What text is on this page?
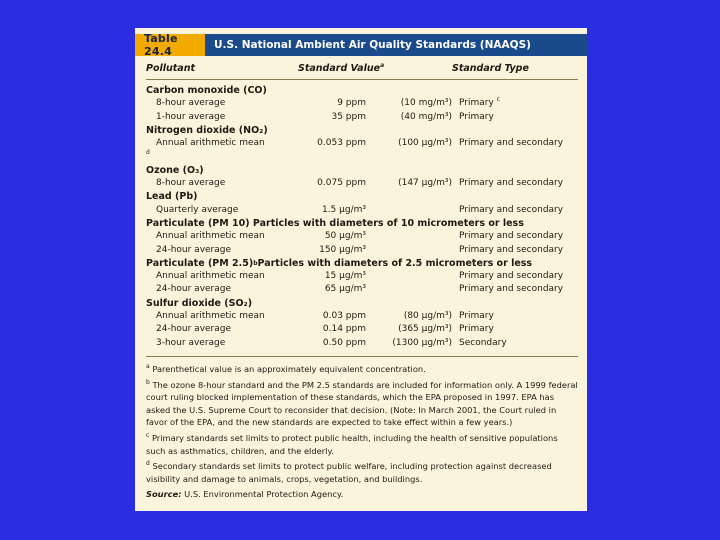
Table 24.4	U.S. National Ambient Air Quality Standards (NAAQS)
Pollutant	Standard Value$^a$	Standard Type
Carbon monoxide (CO)
8-hour average	9 ppm	(10 mg/m³) Primary $^c$
1-hour average	35 ppm	(40 mg/m³) Primary
Nitrogen dioxide (NO₂)
Annual arithmetic mean	0.053 ppm	(100 µg/m³) Primary and secondary
$^d$
Ozone (O₃)
8-hour average	0.075 ppm	(147 µg/m³) Primary and secondary
Lead (Pb)
Quarterly average	1.5 µg/m³	Primary and secondary
Particulate (PM 10) Particles with diameters of 10 micrometers or less
Annual arithmetic mean	50 µg/m³	Primary and secondary
24-hour average	150 µg/m³	Primary and secondary
Particulate (PM 2.5) b Particles with diameters of 2.5 micrometers or less
Annual arithmetic mean	15 µg/m³	Primary and secondary
24-hour average	65 µg/m³	Primary and secondary
Sulfur dioxide (SO₂)
Annual arithmetic mean	0.03 ppm	(80 µg/m³) Primary
24-hour average	0.14 ppm	(365 µg/m³) Primary
3-hour average	0.50 ppm	(1300 µg/m³) Secondary
$^a$ Parenthetical value is an approximately equivalent concentration.
$^b$ The ozone 8-hour standard and the PM 2.5 standards are included for information only. A 1999 federal court ruling blocked implementation of these standards, which the EPA proposed in 1997. EPA has asked the U.S. Supreme Court to reconsider that decision. (Note: In March 2001, the Court ruled in favor of the EPA, and the new standards are expected to take effect within a few years.)
$^c$ Primary standards set limits to protect public health, including the health of sensitive populations such as asthmatics, children, and the elderly.
$^d$ Secondary standards set limits to protect public welfare, including protection against decreased visibility and damage to animals, crops, vegetation, and buildings.
Source: U.S. Environmental Protection Agency.
